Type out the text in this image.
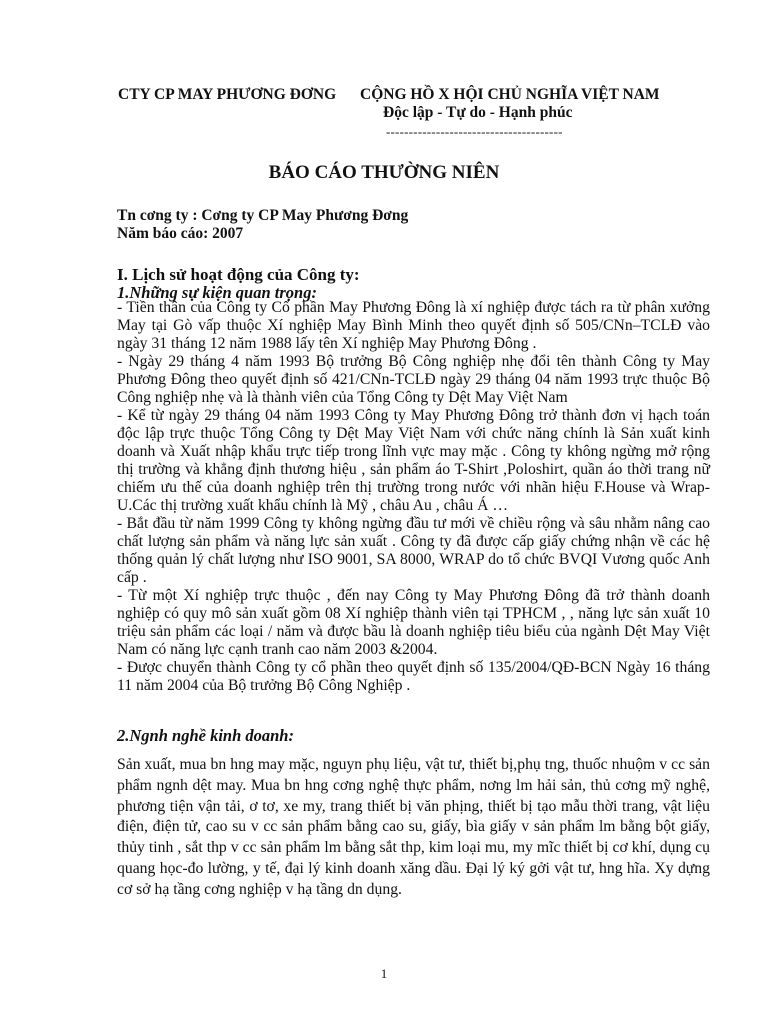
CTY CP MAY PHƯƠNG ĐƠNG CỘNG HỒ X HỘI CHỦ NGHĨA VIỆT NAM
Độc lập - Tự do - Hạnh phúc
---------------------------------------
BÁO CÁO THƯỜNG NIÊN
Tn cơng ty : Cơng ty CP May Phương Đơng
Năm báo cáo: 2007
I. Lịch sử hoạt động của Công ty:
1.Những sự kiện quan trọng:

- Tiền thân của Công ty Cổ phần May Phương Đông là xí nghiệp được tách ra từ phân xưởng May tại Gò vấp thuộc Xí nghiệp May Bình Minh theo quyết định số 505/CNn–TCLĐ vào ngày 31 tháng 12 năm 1988 lấy tên Xí nghiệp May Phương Đông .

- Ngày 29 tháng 4 năm 1993 Bộ trưởng Bộ Công nghiệp nhẹ đổi tên thành Công ty May Phương Đông theo quyết định số 421/CNn-TCLĐ ngày 29 tháng 04 năm 1993 trực thuộc Bộ Công nghiệp nhẹ và là thành viên của Tổng Công ty Dệt May Việt Nam

- Kể từ ngày 29 tháng 04 năm 1993 Công ty May Phương Đông trở thành đơn vị hạch toán độc lập trực thuộc Tổng Công ty Dệt May Việt Nam với chức năng chính là Sản xuất kinh doanh và Xuất nhập khẩu trực tiếp trong lĩnh vực may mặc . Công ty không ngừng mở rộng thị trường và khẳng định thương hiệu , sản phẩm áo T-Shirt ,Poloshirt, quần áo thời trang nữ chiếm ưu thế của doanh nghiệp trên thị trường trong nước với nhãn hiệu F.House và Wrap-U.Các thị trường xuất khẩu chính là Mỹ , châu Au , châu Á …

- Bắt đầu từ năm 1999 Công ty không ngừng đầu tư mới về chiều rộng và sâu nhằm nâng cao chất lượng sản phẩm và năng lực sản xuất . Công ty đã được cấp giấy chứng nhận về các hệ thống quản lý chất lượng như ISO 9001, SA 8000, WRAP do tổ chức BVQI Vương quốc Anh cấp .

- Từ một Xí nghiệp trực thuộc , đến nay Công ty May Phương Đông đã trở thành doanh nghiệp có quy mô sản xuất gồm 08 Xí nghiệp thành viên tại TPHCM , , năng lực sản xuất 10 triệu sản phẩm các loại / năm và được bầu là doanh nghiệp tiêu biểu của ngành Dệt May Việt Nam có năng lực cạnh tranh cao năm 2003 &2004.

- Được chuyển thành Công ty cổ phần theo quyết định số 135/2004/QĐ-BCN Ngày 16 tháng 11 năm 2004 của Bộ trưởng Bộ Công Nghiệp .

2.Ngnh nghề kinh doanh:

Sản xuất, mua bn hng may mặc, nguyn phụ liệu, vật tư, thiết bị,phụ tng, thuốc nhuộm v cc sản phẩm ngnh dệt may. Mua bn hng cơng nghệ thực phẩm, nơng lm hải sản, thủ cơng mỹ nghệ, phương tiện vận tải, ơ tơ, xe my, trang thiết bị văn phịng, thiết bị tạo mẫu thời trang, vật liệu điện, điện tử, cao su v cc sản phẩm bằng cao su, giấy, bìa giấy v sản phẩm lm bằng bột giấy, thủy tinh , sắt thp v cc sản phẩm lm bằng sắt thp, kim loại mu, my mĩc thiết bị cơ khí, dụng cụ quang học-đo lường, y tế, đại lý kinh doanh xăng dầu. Đại lý ký gởi vật tư, hng hĩa. Xy dựng cơ sở hạ tầng cơng nghiệp v hạ tầng dn dụng.

1
